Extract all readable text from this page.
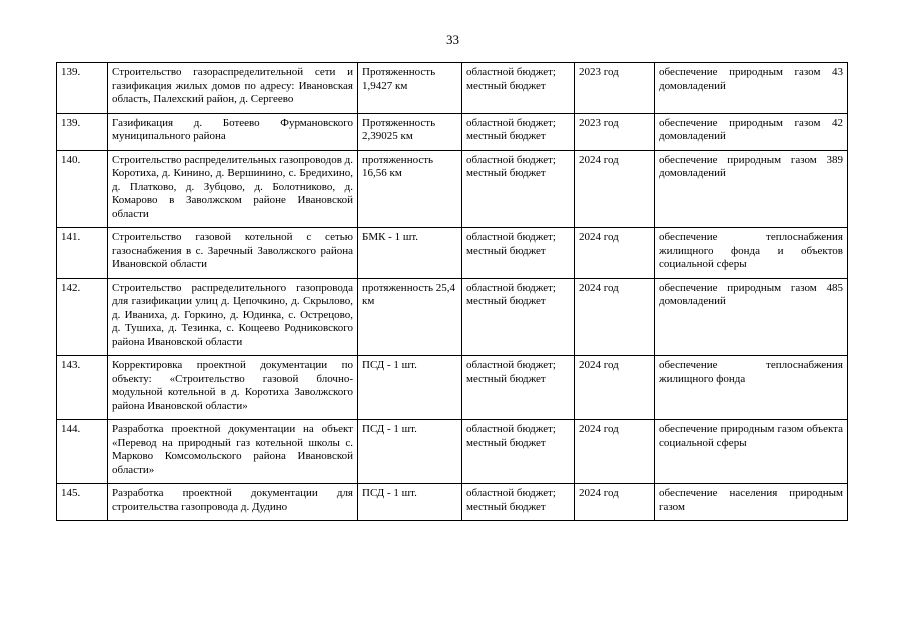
33
139.	Строительство газораспределительной сети и газификация жилых домов по адресу: Ивановская область, Палехский район, д. Сергеево	Протяженность 1,9427 км	областной бюджет; местный бюджет	2023 год	обеспечение природным газом 43 домовладений
139.	Газификация д. Ботеево Фурмановского муниципального района	Протяженность 2,39025 км	областной бюджет; местный бюджет	2023 год	обеспечение природным газом 42 домовладений
140.	Строительство распределительных газопроводов д. Коротиха, д. Кинино, д. Вершинино, с. Бредихино, д. Платково, д. Зубцово, д. Болотниково, д. Комарово в Заволжском районе Ивановской области	протяженность 16,56 км	областной бюджет; местный бюджет	2024 год	обеспечение природным газом 389 домовладений
141.	Строительство газовой котельной с сетью газоснабжения в с. Заречный Заволжского района Ивановской области	БМК - 1 шт.	областной бюджет; местный бюджет	2024 год	обеспечение теплоснабжения жилищного фонда и объектов социальной сферы
142.	Строительство распределительного газопровода для газификации улиц д. Цепочкино, д. Скрылово, д. Иваниха, д. Горкино, д. Юдинка, с. Острецово, д. Тушиха, д. Тезинка, с. Кощеево Родниковского района Ивановской области	протяженность 25,4 км	областной бюджет; местный бюджет	2024 год	обеспечение природным газом 485 домовладений
143.	Корректировка проектной документации по объекту: «Строительство газовой блочно-модульной котельной в д. Коротиха Заволжского района Ивановской области»	ПСД - 1 шт.	областной бюджет; местный бюджет	2024 год	обеспечение теплоснабжения жилищного фонда
144.	Разработка проектной документации на объект «Перевод на природный газ котельной школы с. Марково Комсомольского района Ивановской области»	ПСД - 1 шт.	областной бюджет; местный бюджет	2024 год	обеспечение природным газом объекта социальной сферы
145.	Разработка проектной документации для строительства газопровода д. Дудино	ПСД - 1 шт.	областной бюджет; местный бюджет	2024 год	обеспечение населения природным газом
